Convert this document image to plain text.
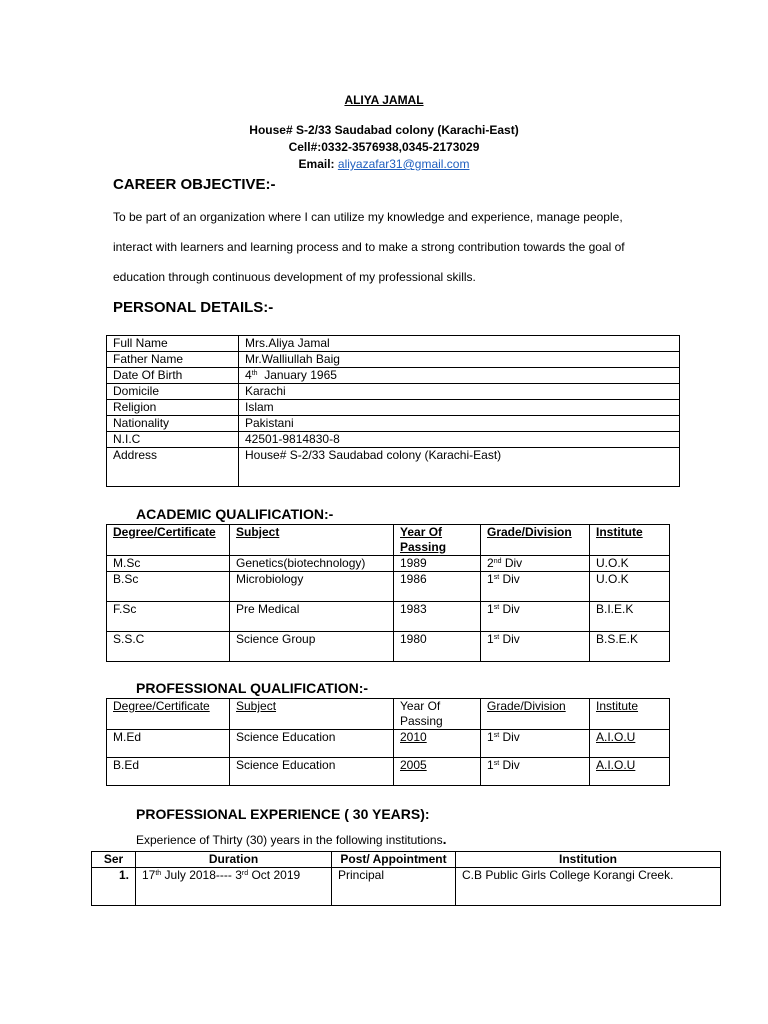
ALIYA JAMAL
House# S-2/33 Saudabad colony (Karachi-East)
Cell#:0332-3576938,0345-2173029
Email: aliyazafar31@gmail.com
CAREER OBJECTIVE:-
To be part of an organization where I can utilize my knowledge and experience, manage people,
interact with learners and learning process and to make a strong contribution towards the goal of
education through continuous development of my professional skills.
PERSONAL DETAILS:-
Full Name	Mrs.Aliya Jamal
Father Name	Mr.Walliullah Baig
Date Of Birth	4th  January 1965
Domicile	Karachi
Religion	Islam
Nationality	Pakistani
N.I.C	42501-9814830-8
Address	House# S-2/33 Saudabad colony (Karachi-East)
ACADEMIC QUALIFICATION:-
Degree/Certificate	Subject	Year Of Passing	Grade/Division	Institute
M.Sc	Genetics(biotechnology)	1989	2nd Div	U.O.K
B.Sc	Microbiology	1986	1st Div	U.O.K
F.Sc	Pre Medical	1983	1st Div	B.I.E.K
S.S.C	Science Group	1980	1st Div	B.S.E.K
PROFESSIONAL QUALIFICATION:-
Degree/Certificate	Subject	Year Of Passing	Grade/Division	Institute
M.Ed	Science Education	2010	1st Div	A.I.O.U
B.Ed	Science Education	2005	1st Div	A.I.O.U
PROFESSIONAL EXPERIENCE ( 30 YEARS):
Experience of Thirty (30) years in the following institutions.
Ser	Duration	Post/ Appointment	Institution
1.	17th July 2018---- 3rd Oct 2019	Principal	C.B Public Girls College Korangi Creek.
